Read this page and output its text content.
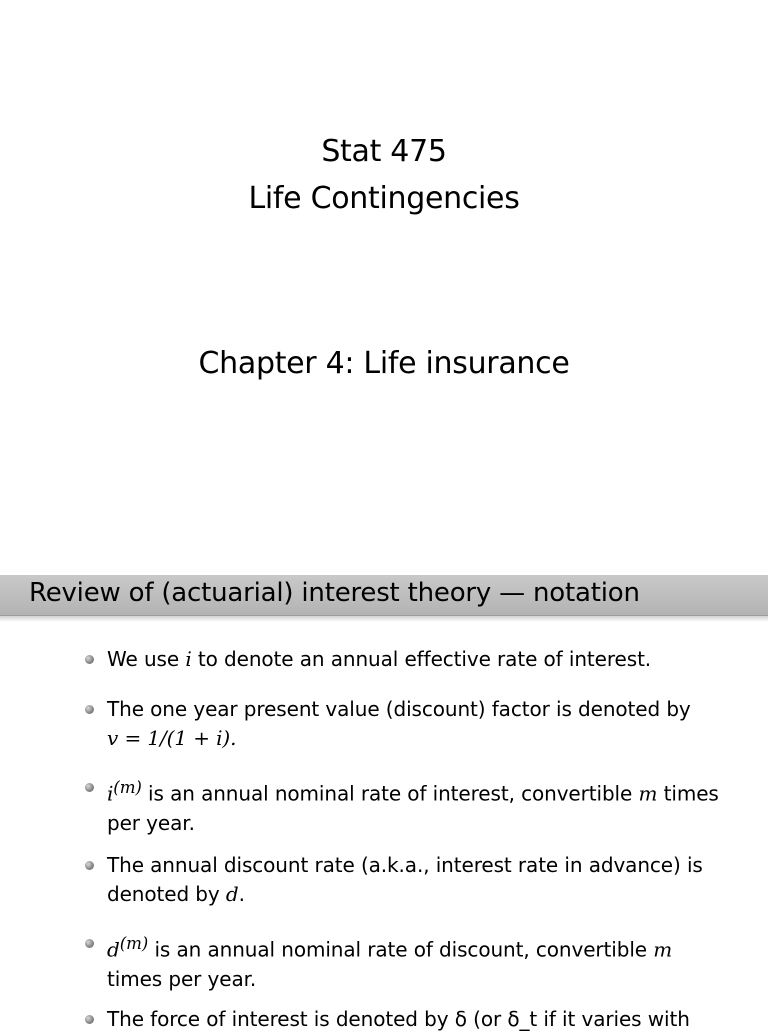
Stat 475
Life Contingencies
Chapter 4: Life insurance
Review of (actuarial) interest theory — notation
We use i to denote an annual effective rate of interest.
The one year present value (discount) factor is denoted by
v = 1/(1 + i).
$i^{(m)}$ is an annual nominal rate of interest, convertible m times
per year.
The annual discount rate (a.k.a., interest rate in advance) is
denoted by d.
$d^{(m)}$ is an annual nominal rate of discount, convertible m
times per year.
The force of interest is denoted by δ (or δ_t if it varies with
